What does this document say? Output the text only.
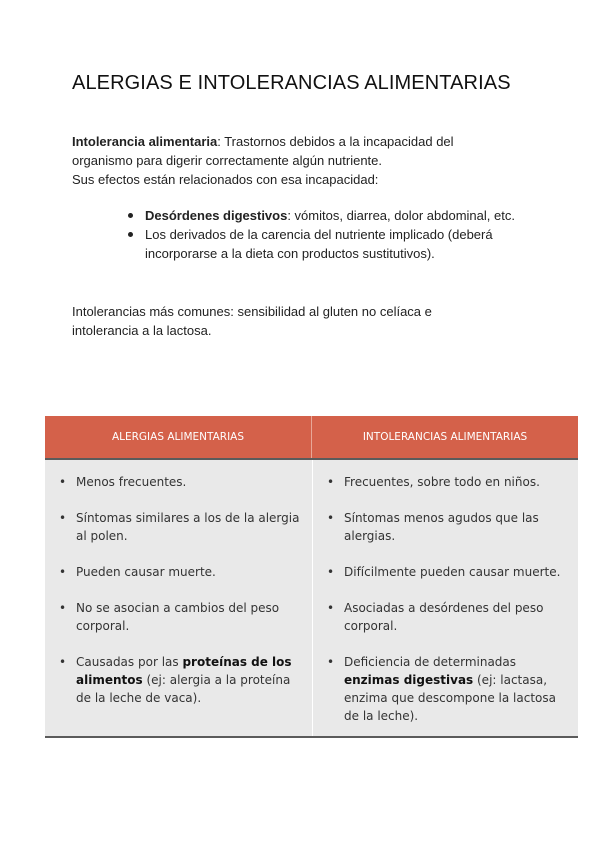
ALERGIAS E INTOLERANCIAS ALIMENTARIAS
Intolerancia alimentaria: Trastornos debidos a la incapacidad del organismo para digerir correctamente algún nutriente.
Sus efectos están relacionados con esa incapacidad:
Desórdenes digestivos: vómitos, diarrea, dolor abdominal, etc.
Los derivados de la carencia del nutriente implicado (deberá incorporarse a la dieta con productos sustitutivos).
Intolerancias más comunes: sensibilidad al gluten no celíaca e intolerancia a la lactosa.
ALERGIAS ALIMENTARIAS	INTOLERANCIAS ALIMENTARIAS
• Menos frecuentes.
• Síntomas similares a los de la alergia al polen.
• Pueden causar muerte.
• No se asocian a cambios del peso corporal.
• Causadas por las proteínas de los alimentos (ej: alergia a la proteína de la leche de vaca).
• Frecuentes, sobre todo en niños.
• Síntomas menos agudos que las alergias.
• Difícilmente pueden causar muerte.
• Asociadas a desórdenes del peso corporal.
• Deficiencia de determinadas enzimas digestivas (ej: lactasa, enzima que descompone la lactosa de la leche).
